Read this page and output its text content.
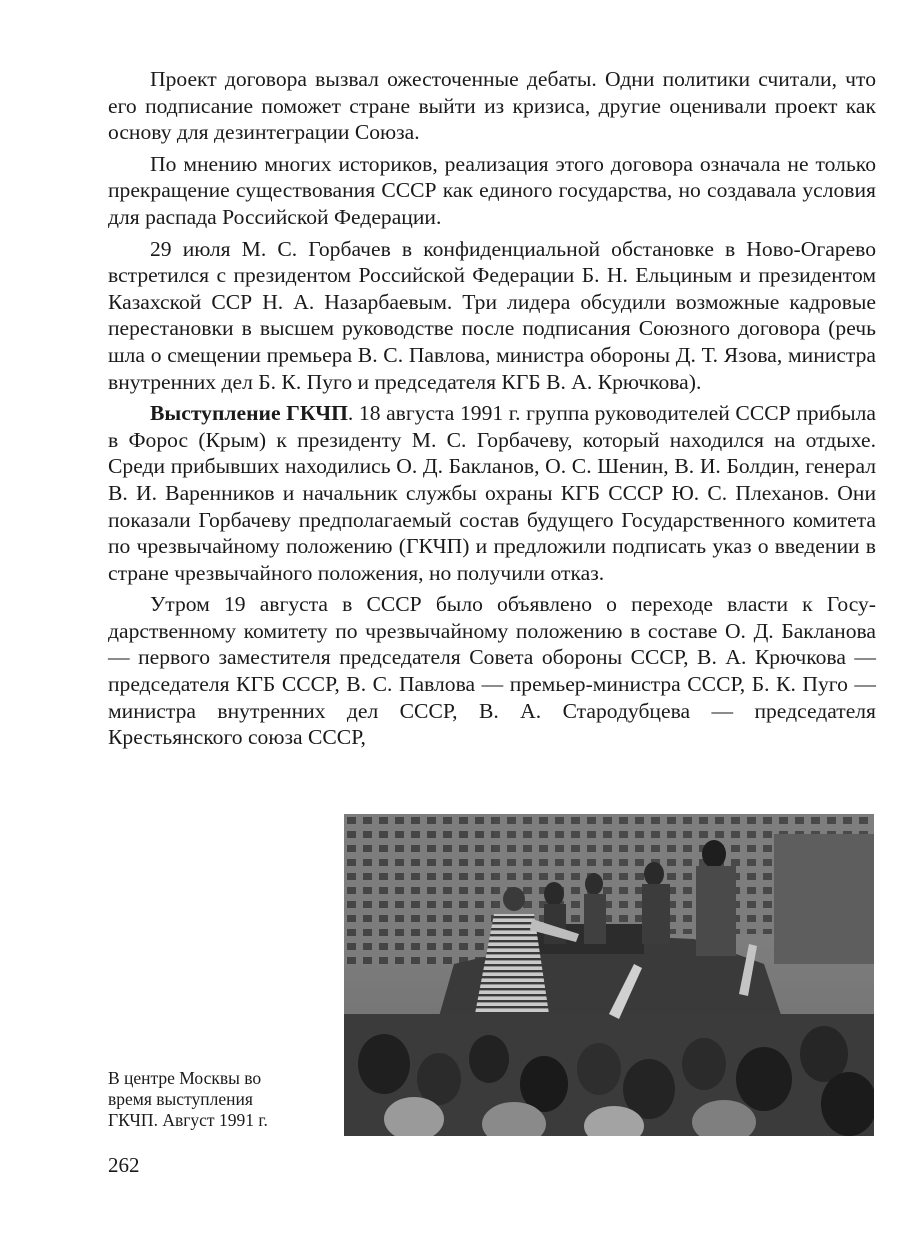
Проект договора вызвал ожесточенные дебаты. Одни политики считали, что его подписание поможет стране выйти из кризиса, другие оценивали проект как основу для дезинтеграции Союза.

По мнению многих историков, реализация этого договора означала не только прекращение существования СССР как единого государства, но создавала условия для распада Российской Федерации.

29 июля М. С. Горбачев в конфиденциальной обстановке в Ново-Огарево встретился с президентом Российской Федерации Б. Н. Ельциным и президентом Казахской ССР Н. А. Назарбаевым. Три лидера обсудили возможные кадровые перестановки в высшем руководстве после подписания Союзного договора (речь шла о смещении премьера В. С. Павлова, министра обороны Д. Т. Язова, министра внутренних дел Б. К. Пуго и председателя КГБ В. А. Крючкова).

Выступление ГКЧП. 18 августа 1991 г. группа руководителей СССР прибыла в Форос (Крым) к президенту М. С. Горбачеву, который находился на отдыхе. Среди прибывших находились О. Д. Бакланов, О. С. Шенин, В. И. Болдин, генерал В. И. Варенников и начальник службы охраны КГБ СССР Ю. С. Плеханов. Они показали Горбачеву предполагаемый состав будущего Государственного комитета по чрезвычайному положению (ГКЧП) и предложили подписать указ о введении в стране чрезвычайного положения, но получили отказ.

Утром 19 августа в СССР было объявлено о переходе власти к Государственному комитету по чрезвычайному положению в составе О. Д. Бакланова — первого заместителя председателя Совета обороны СССР, В. А. Крючкова — председателя КГБ СССР, В. С. Павлова — премьер-министра СССР, Б. К. Пуго — министра внутренних дел СССР, В. А. Стародубцева — председателя Крестьянского союза СССР,

В центре Москвы во
время выступления
ГКЧП. Август 1991 г.
262
